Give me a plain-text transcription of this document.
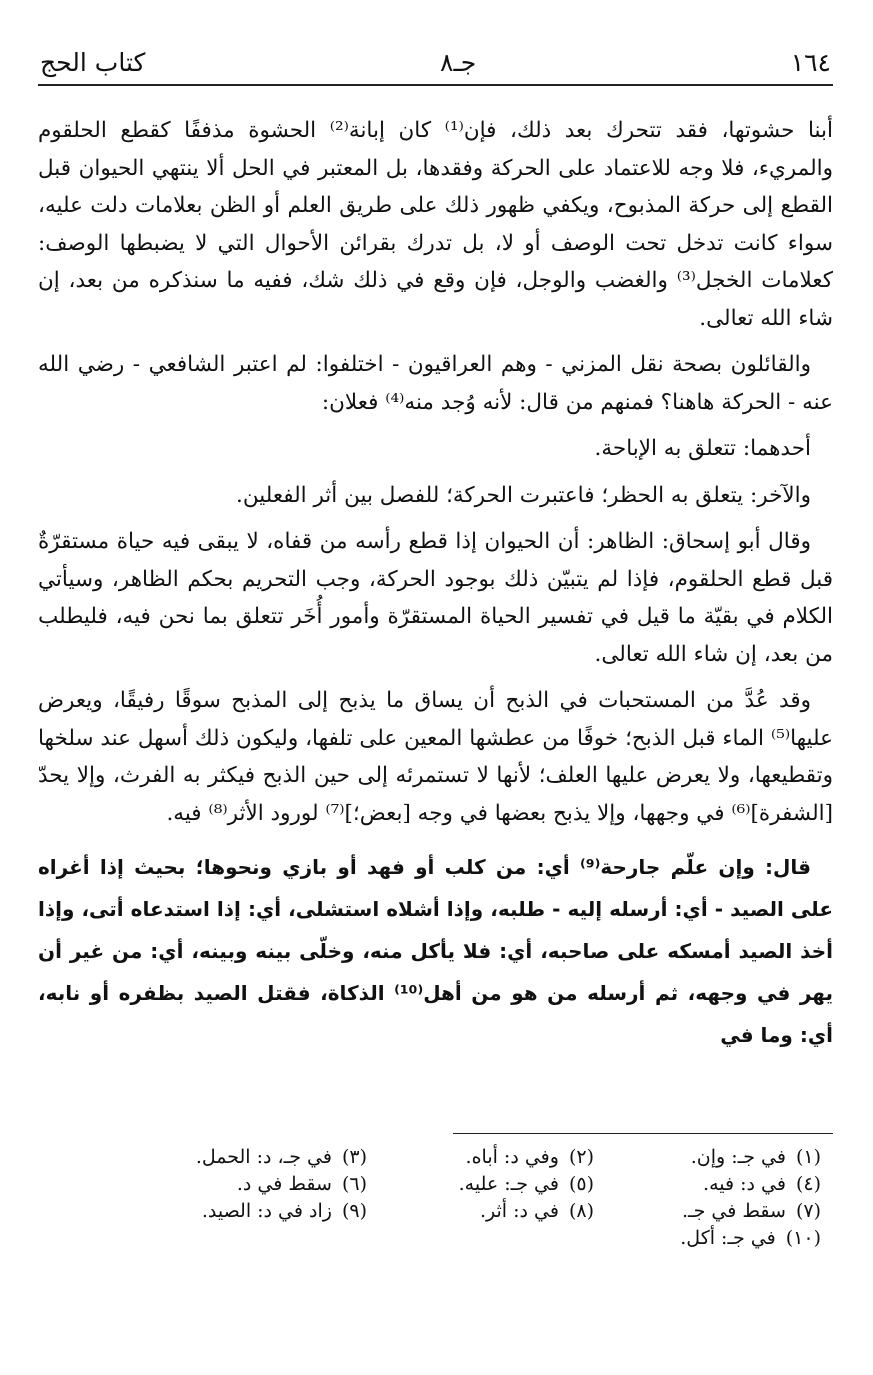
١٦٤
جـ٨
كتاب الحج

أبنا حشوتها، فقد تتحرك بعد ذلك، فإن⁽¹⁾ كان إبانة⁽²⁾ الحشوة مذففًا كقطع الحلقوم والمريء، فلا وجه للاعتماد على الحركة وفقدها، بل المعتبر في الحل ألا ينتهي الحيوان قبل القطع إلى حركة المذبوح، ويكفي ظهور ذلك على طريق العلم أو الظن بعلامات دلت عليه، سواء كانت تدخل تحت الوصف أو لا، بل تدرك بقرائن الأحوال التي لا يضبطها الوصف: كعلامات الخجل⁽³⁾ والغضب والوجل، فإن وقع في ذلك شك، ففيه ما سنذكره من بعد، إن شاء الله تعالى.

والقائلون بصحة نقل المزني - وهم العراقيون - اختلفوا: لم اعتبر الشافعي - رضي الله عنه - الحركة هاهنا؟ فمنهم من قال: لأنه وُجد منه⁽⁴⁾ فعلان:

أحدهما: تتعلق به الإباحة.

والآخر: يتعلق به الحظر؛ فاعتبرت الحركة؛ للفصل بين أثر الفعلين.

وقال أبو إسحاق: الظاهر: أن الحيوان إذا قطع رأسه من قفاه، لا يبقى فيه حياة مستقرّةٌ قبل قطع الحلقوم، فإذا لم يتبيّن ذلك بوجود الحركة، وجب التحريم بحكم الظاهر، وسيأتي الكلام في بقيّة ما قيل في تفسير الحياة المستقرّة وأمور أُخَر تتعلق بما نحن فيه، فليطلب من بعد، إن شاء الله تعالى.

وقد عُدَّ من المستحبات في الذبح أن يساق ما يذبح إلى المذبح سوقًا رفيقًا، ويعرض عليها⁽⁵⁾ الماء قبل الذبح؛ خوفًا من عطشها المعين على تلفها، وليكون ذلك أسهل عند سلخها وتقطيعها، ولا يعرض عليها العلف؛ لأنها لا تستمرئه إلى حين الذبح فيكثر به الفرث، وإلا يحدّ [الشفرة]⁽⁶⁾ في وجهها، وإلا يذبح بعضها في وجه [بعض؛]⁽⁷⁾ لورود الأثر⁽⁸⁾ فيه.

قال: وإن علّم جارحة⁽⁹⁾ أي: من كلب أو فهد أو بازي ونحوها؛ بحيث إذا أغراه على الصيد - أي: أرسله إليه - طلبه، وإذا أشلاه استشلى، أي: إذا استدعاه أتى، وإذا أخذ الصيد أمسكه على صاحبه، أي: فلا يأكل منه، وخلّى بينه وبينه، أي: من غير أن يهر في وجهه، ثم أرسله من هو من أهل⁽¹⁰⁾ الذكاة، فقتل الصيد بظفره أو نابه، أي: وما في

(١)في جـ: وإن.
(٢)وفي د: أباه.
(٣)في جـ، د: الحمل.
(٤)في د: فيه.
(٥)في جـ: عليه.
(٦)سقط في د.
(٧)سقط في جـ.
(٨)في د: أثر.
(٩)زاد في د: الصيد.
(١٠)في جـ: أكل.
